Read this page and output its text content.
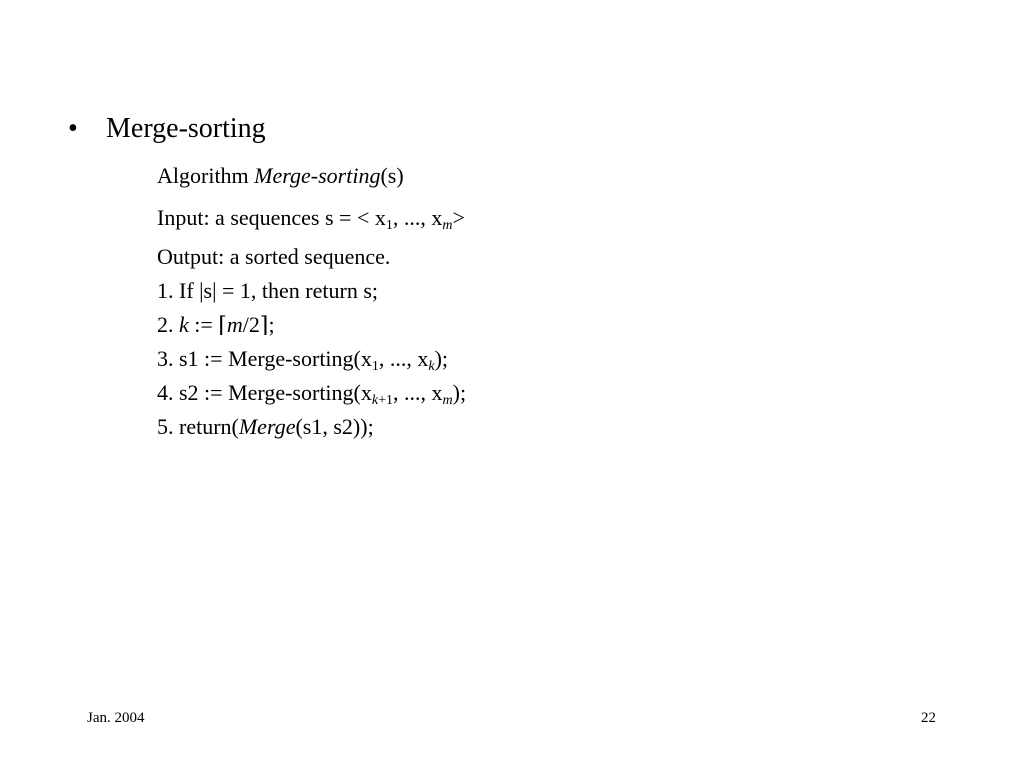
• Merge-sorting
Algorithm Merge-sorting(s)
Input: a sequences s = < $x_1$, ..., $x_m>$
Output: a sorted sequence.
1. If |s| = 1, then return s;
2. k := ⌈m/2⌉;
3. s1 := Merge-$sorting(x_1$, ..., $x_k$);
4. s2 := Merge-$sorting(x_{k+1}$, ..., $x_m$);
5. return(Merge(s1, s2));
Jan. 2004	22
